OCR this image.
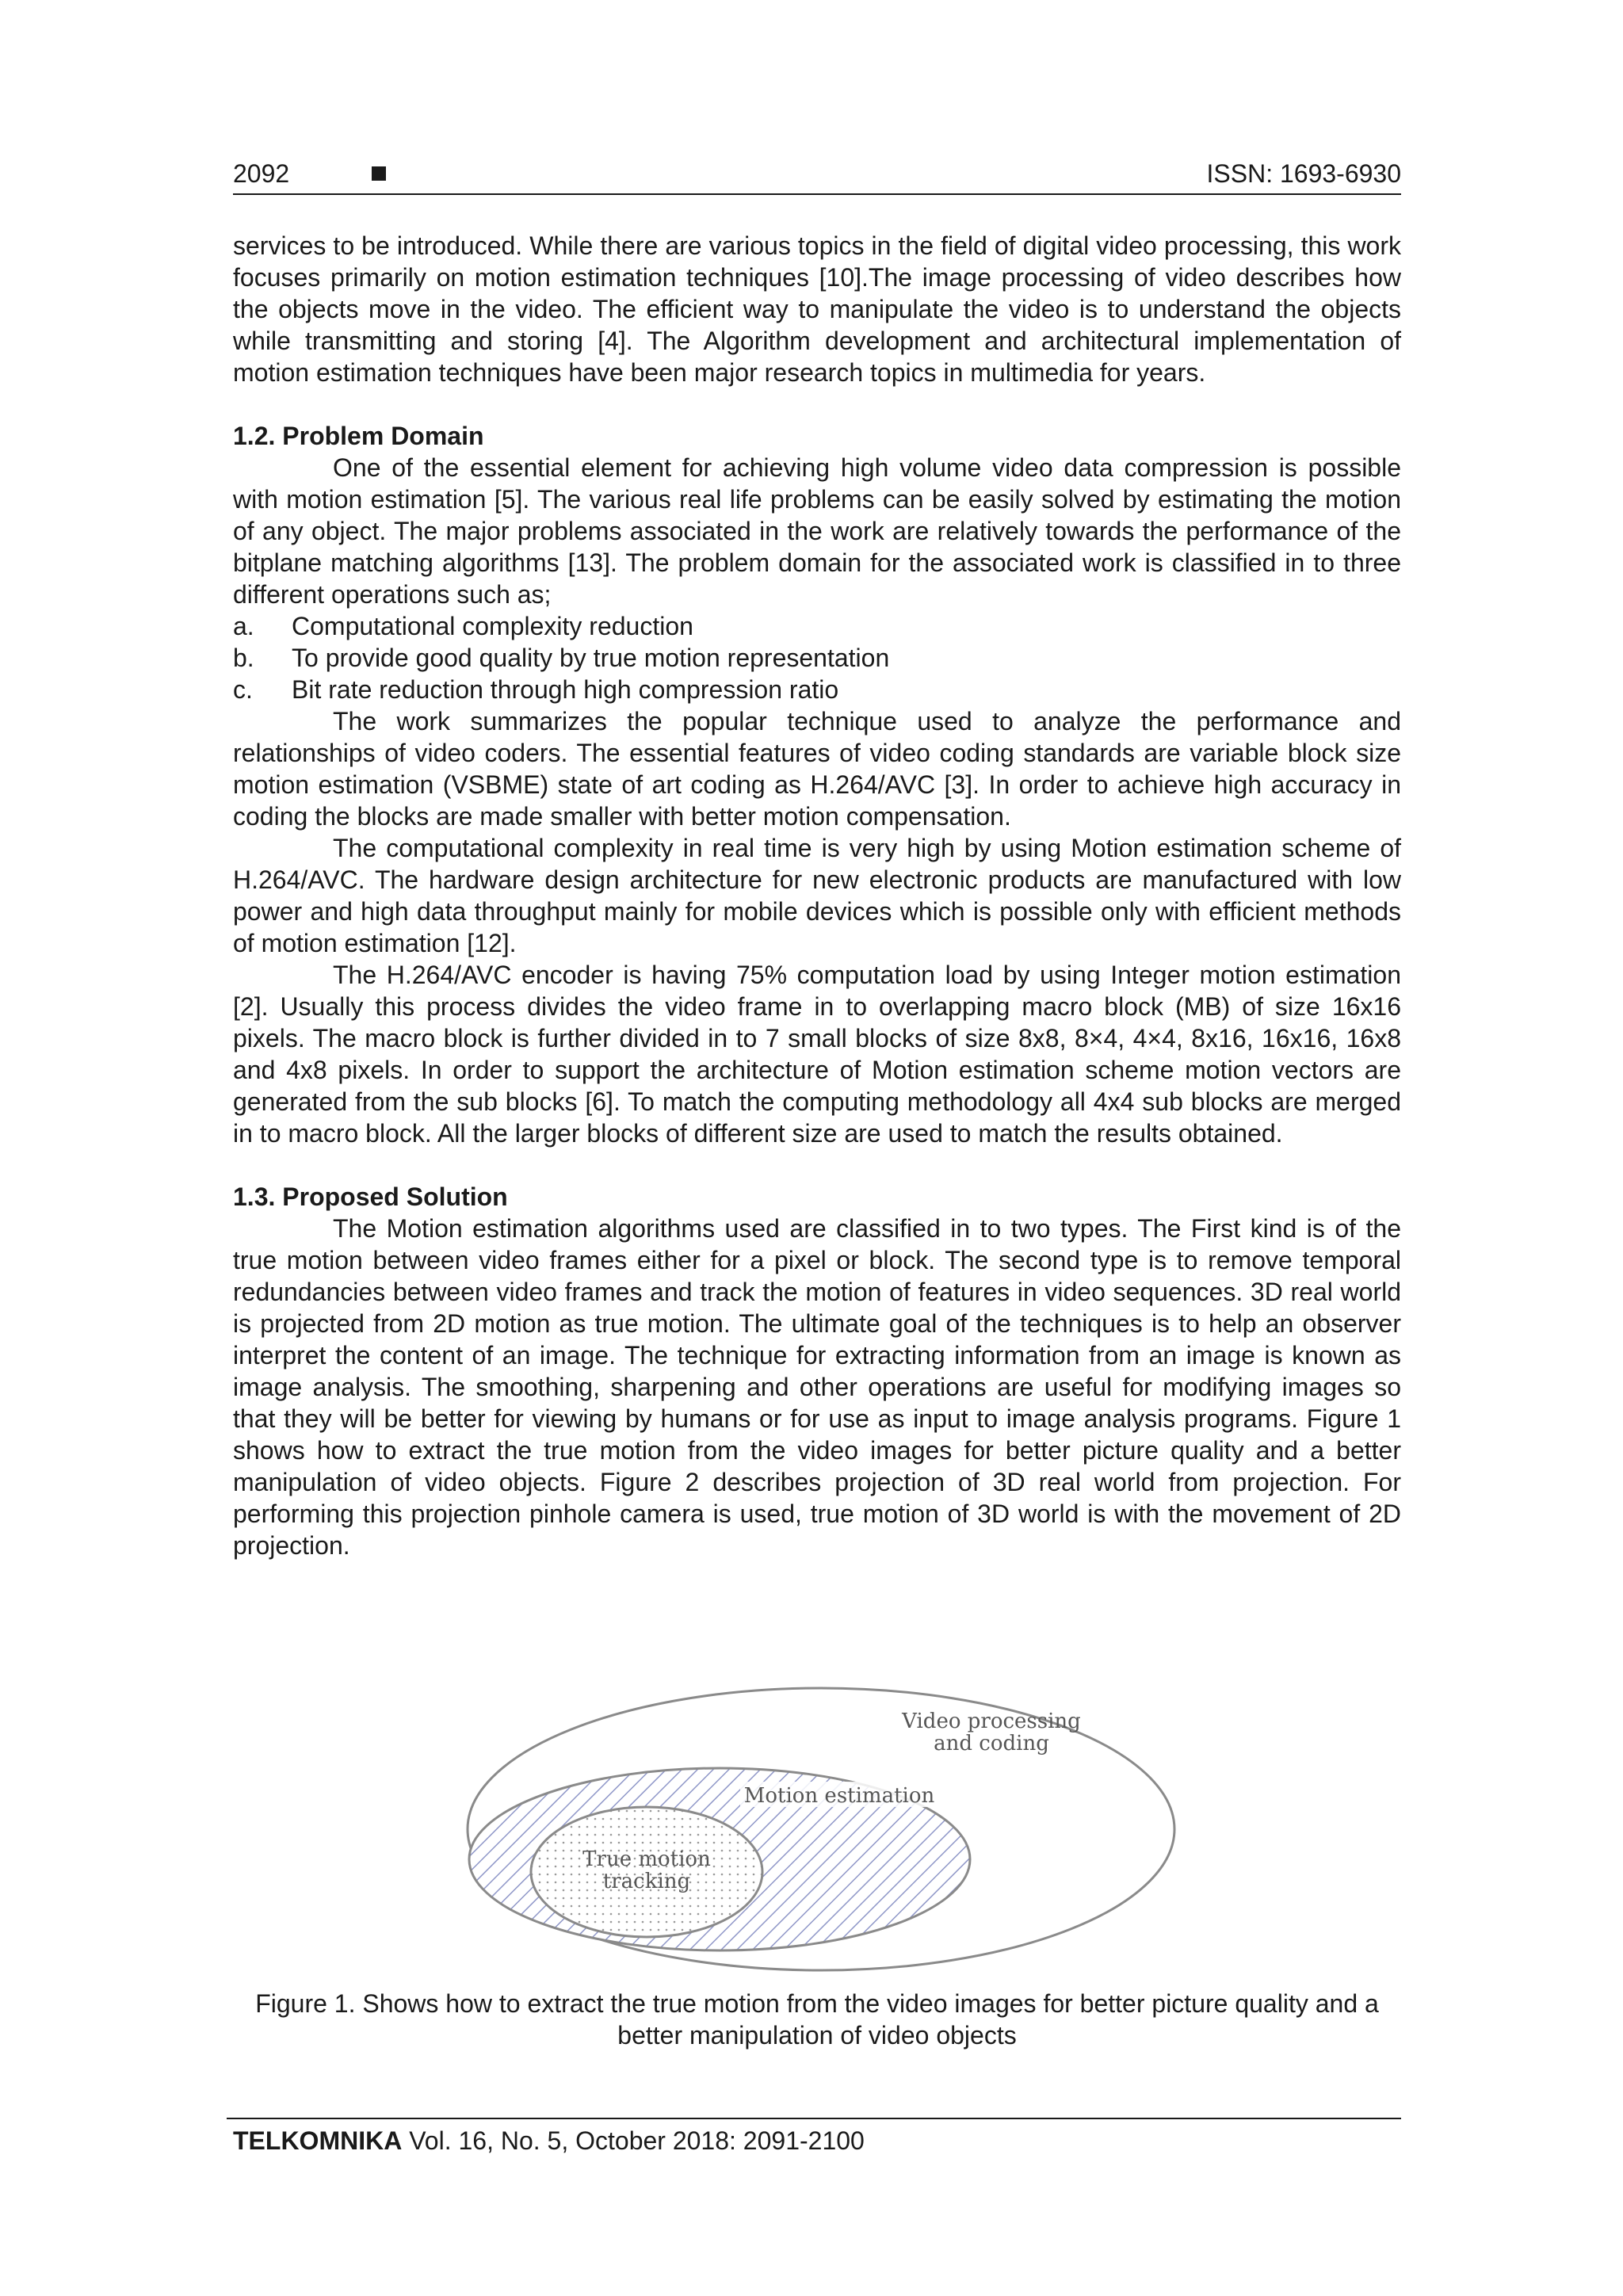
2092	ISSN: 1693-6930

services to be introduced. While there are various topics in the field of digital video processing, this work focuses primarily on motion estimation techniques [10].The image processing of video describes how the objects move in the video. The efficient way to manipulate the video is to understand the objects while transmitting and storing [4]. The Algorithm development and architectural implementation of motion estimation techniques have been major research topics in multimedia for years.

1.2. Problem Domain

One of the essential element for achieving high volume video data compression is possible with motion estimation [5]. The various real life problems can be easily solved by estimating the motion of any object. The major problems associated in the work are relatively towards the performance of the bitplane matching algorithms [13]. The problem domain for the associated work is classified in to three different operations such as;

a.	Computational complexity reduction
b.	To provide good quality by true motion representation
c.	Bit rate reduction through high compression ratio

The work summarizes the popular technique used to analyze the performance and relationships of video coders. The essential features of video coding standards are variable block size motion estimation (VSBME) state of art coding as H.264/AVC [3]. In order to achieve high accuracy in coding the blocks are made smaller with better motion compensation.

The computational complexity in real time is very high by using Motion estimation scheme of H.264/AVC. The hardware design architecture for new electronic products are manufactured with low power and high data throughput mainly for mobile devices which is possible only with efficient methods of motion estimation [12].

The H.264/AVC encoder is having 75% computation load by using Integer motion estimation [2]. Usually this process divides the video frame in to overlapping macro block (MB) of size 16x16 pixels. The macro block is further divided in to 7 small blocks of size 8x8, 8×4, 4×4, 8x16, 16x16, 16x8 and 4x8 pixels. In order to support the architecture of Motion estimation scheme motion vectors are generated from the sub blocks [6]. To match the computing methodology all 4x4 sub blocks are merged in to macro block. All the larger blocks of different size are used to match the results obtained.

1.3. Proposed Solution

The Motion estimation algorithms used are classified in to two types. The First kind is of the true motion between video frames either for a pixel or block. The second type is to remove temporal redundancies between video frames and track the motion of features in video sequences. 3D real world is projected from 2D motion as true motion. The ultimate goal of the techniques is to help an observer interpret the content of an image. The technique for extracting information from an image is known as image analysis. The smoothing, sharpening and other operations are useful for modifying images so that they will be better for viewing by humans or for use as input to image analysis programs. Figure 1 shows how to extract the true motion from the video images for better picture quality and a better manipulation of video objects. Figure 2 describes projection of 3D real world from projection. For performing this projection pinhole camera is used, true motion of 3D world is with the movement of 2D projection.

Video processing
and coding
Motion estimation
True motion
tracking
Figure 1. Shows how to extract the true motion from the video images for better picture quality and a better manipulation of video objects
TELKOMNIKA Vol. 16, No. 5, October 2018: 2091-2100
